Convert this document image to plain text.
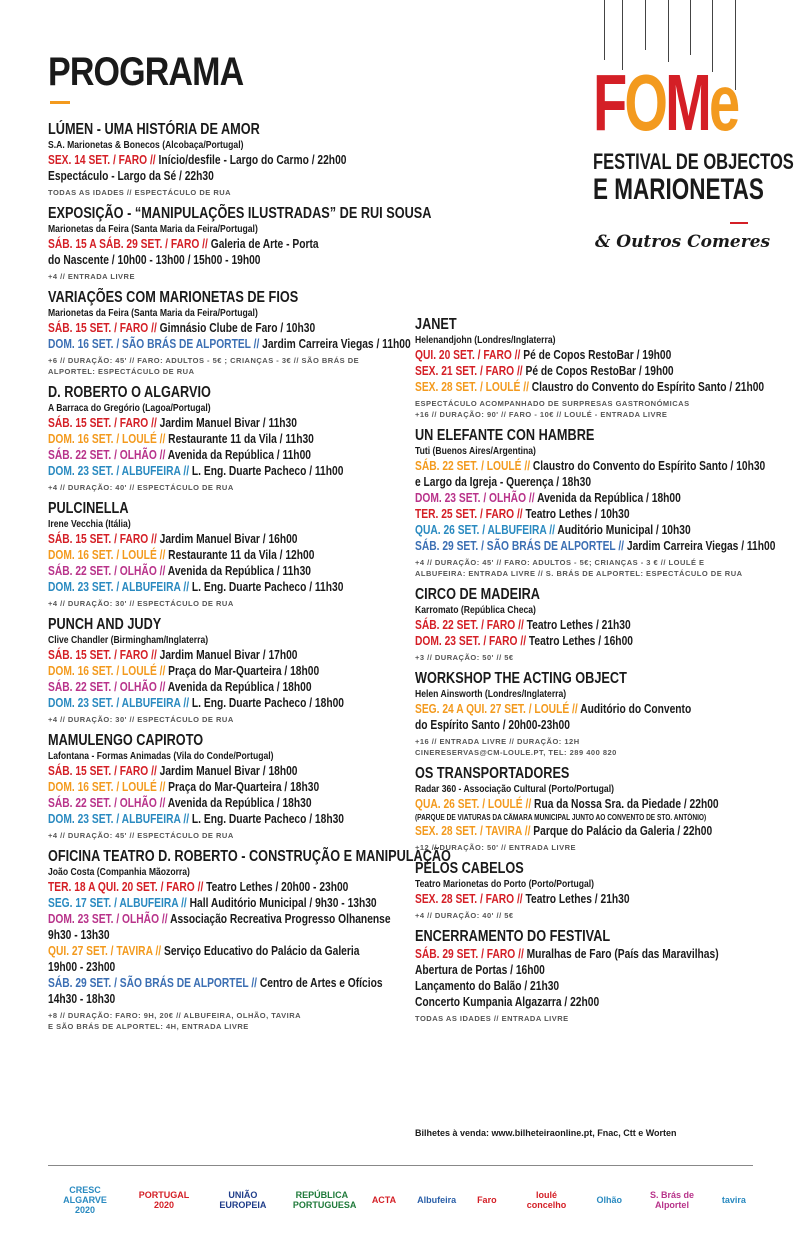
PROGRAMA	FOMe
FESTIVAL DE OBJECTOS
E MARIONETAS
& Outros Comeres
LÚMEN - UMA HISTÓRIA DE AMOR
S.A. Marionetas & Bonecos (Alcobaça/Portugal)
SEX. 14 SET. / FARO // Início/desfile - Largo do Carmo / 22h00
Espectáculo - Largo da Sé / 22h30
TODAS AS IDADES // ESPECTÁCULO DE RUA
EXPOSIÇÃO - “MANIPULAÇÕES ILUSTRADAS” DE RUI SOUSA
Marionetas da Feira (Santa Maria da Feira/Portugal)
SÁB. 15 A SÁB. 29 SET. / FARO // Galeria de Arte - Porta
do Nascente / 10h00 - 13h00 / 15h00 - 19h00
+4 // ENTRADA LIVRE
VARIAÇÕES COM MARIONETAS DE FIOS
Marionetas da Feira (Santa Maria da Feira/Portugal)
SÁB. 15 SET. / FARO // Gimnásio Clube de Faro / 10h30
DOM. 16 SET. / SÃO BRÁS DE ALPORTEL // Jardim Carreira Viegas / 11h00
+6 // DURAÇÃO: 45' // FARO: ADULTOS - 5€ ; CRIANÇAS - 3€ // SÃO BRÁS DE
ALPORTEL: ESPECTÁCULO DE RUA
D. ROBERTO O ALGARVIO
A Barraca do Gregório (Lagoa/Portugal)
SÁB. 15 SET. / FARO // Jardim Manuel Bivar / 11h30
DOM. 16 SET. / LOULÉ // Restaurante 11 da Vila / 11h30
SÁB. 22 SET. / OLHÃO // Avenida da República / 11h00
DOM. 23 SET. / ALBUFEIRA // L. Eng. Duarte Pacheco / 11h00
+4 // DURAÇÃO: 40' // ESPECTÁCULO DE RUA
PULCINELLA
Irene Vecchia (Itália)
SÁB. 15 SET. / FARO // Jardim Manuel Bivar / 16h00
DOM. 16 SET. / LOULÉ // Restaurante 11 da Vila / 12h00
SÁB. 22 SET. / OLHÃO // Avenida da República / 11h30
DOM. 23 SET. / ALBUFEIRA // L. Eng. Duarte Pacheco / 11h30
+4 // DURAÇÃO: 30' // ESPECTÁCULO DE RUA
PUNCH AND JUDY
Clive Chandler (Birmingham/Inglaterra)
SÁB. 15 SET. / FARO // Jardim Manuel Bivar / 17h00
DOM. 16 SET. / LOULÉ // Praça do Mar-Quarteira / 18h00
SÁB. 22 SET. / OLHÃO // Avenida da República / 18h00
DOM. 23 SET. / ALBUFEIRA // L. Eng. Duarte Pacheco / 18h00
+4 // DURAÇÃO: 30' // ESPECTÁCULO DE RUA
MAMULENGO CAPIROTO
Lafontana - Formas Animadas (Vila do Conde/Portugal)
SÁB. 15 SET. / FARO // Jardim Manuel Bivar / 18h00
DOM. 16 SET. / LOULÉ // Praça do Mar-Quarteira / 18h30
SÁB. 22 SET. / OLHÃO // Avenida da República / 18h30
DOM. 23 SET. / ALBUFEIRA // L. Eng. Duarte Pacheco / 18h30
+4 // DURAÇÃO: 45' // ESPECTÁCULO DE RUA
OFICINA TEATRO D. ROBERTO - CONSTRUÇÃO E MANIPULAÇÃO
João Costa (Companhia Mãozorra)
TER. 18 A QUI. 20 SET. / FARO // Teatro Lethes / 20h00 - 23h00
SEG. 17 SET. / ALBUFEIRA // Hall Auditório Municipal / 9h30 - 13h30
DOM. 23 SET. / OLHÃO // Associação Recreativa Progresso Olhanense
9h30 - 13h30
QUI. 27 SET. / TAVIRA // Serviço Educativo do Palácio da Galeria
19h00 - 23h00
SÁB. 29 SET. / SÃO BRÁS DE ALPORTEL // Centro de Artes e Ofícios
14h30 - 18h30
+8 // DURAÇÃO: FARO: 9H, 20€ // ALBUFEIRA, OLHÃO, TAVIRA
E SÃO BRÁS DE ALPORTEL: 4H, ENTRADA LIVRE
JANET
Helenandjohn (Londres/Inglaterra)
QUI. 20 SET. / FARO // Pé de Copos RestoBar / 19h00
SEX. 21 SET. / FARO // Pé de Copos RestoBar / 19h00
SEX. 28 SET. / LOULÉ // Claustro do Convento do Espírito Santo / 21h00
ESPECTÁCULO ACOMPANHADO DE SURPRESAS GASTRONÓMICAS
+16 // DURAÇÃO: 90' // FARO - 10€ // LOULÉ - ENTRADA LIVRE
UN ELEFANTE CON HAMBRE
Tuti (Buenos Aires/Argentina)
SÁB. 22 SET. / LOULÉ // Claustro do Convento do Espírito Santo / 10h30
e Largo da Igreja - Querença / 18h30
DOM. 23 SET. / OLHÃO // Avenida da República / 18h00
TER. 25 SET. / FARO // Teatro Lethes / 10h30
QUA. 26 SET. / ALBUFEIRA // Auditório Municipal / 10h30
SÁB. 29 SET. / SÃO BRÁS DE ALPORTEL // Jardim Carreira Viegas / 11h00
+4 // DURAÇÃO: 45' // FARO: ADULTOS - 5€; CRIANÇAS - 3 € // LOULÉ E
ALBUFEIRA: ENTRADA LIVRE // S. BRÁS DE ALPORTEL: ESPECTÁCULO DE RUA
CIRCO DE MADEIRA
Karromato (República Checa)
SÁB. 22 SET. / FARO // Teatro Lethes / 21h30
DOM. 23 SET. / FARO // Teatro Lethes / 16h00
+3 // DURAÇÃO: 50' // 5€
WORKSHOP THE ACTING OBJECT
Helen Ainsworth (Londres/Inglaterra)
SEG. 24 A QUI. 27 SET. / LOULÉ // Auditório do Convento
do Espírito Santo / 20h00-23h00
+16 // ENTRADA LIVRE // DURAÇÃO: 12H
CINERESERVAS@CM-LOULE.PT, TEL: 289 400 820
OS TRANSPORTADORES
Radar 360 - Associação Cultural (Porto/Portugal)
QUA. 26 SET. / LOULÉ // Rua da Nossa Sra. da Piedade / 22h00
(PARQUE DE VIATURAS DA CÂMARA MUNICIPAL JUNTO AO CONVENTO DE STO. ANTÓNIO)
SEX. 28 SET. / TAVIRA // Parque do Palácio da Galeria / 22h00
+12 // DURAÇÃO: 50' // ENTRADA LIVRE
PELOS CABELOS
Teatro Marionetas do Porto (Porto/Portugal)
SEX. 28 SET. / FARO // Teatro Lethes / 21h30
+4 // DURAÇÃO: 40' // 5€
ENCERRAMENTO DO FESTIVAL
SÁB. 29 SET. / FARO // Muralhas de Faro (País das Maravilhas)
Abertura de Portas / 16h00
Lançamento do Balão / 21h30
Concerto Kumpania Algazarra / 22h00
TODAS AS IDADES // ENTRADA LIVRE
Bilhetes à venda: www.bilheteiraonline.pt, Fnac, Ctt e Worten
CRESC ALGARVE 2020
PORTUGAL 2020
UNIÃO EUROPEIA
REPÚBLICA PORTUGUESA ACTA Albufeira Faro	loulé concelho	Olhão	S. Brás de Alportel	tavira
